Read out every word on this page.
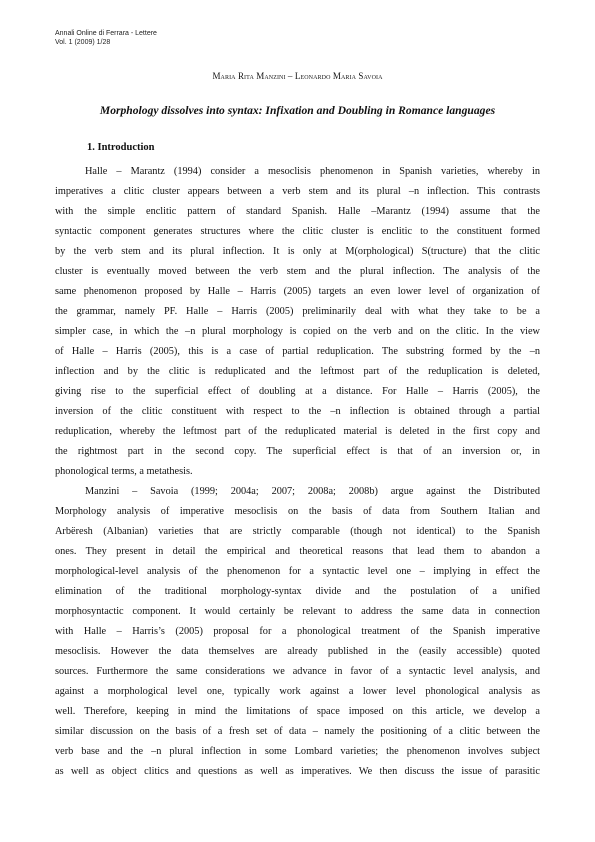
Annali Online di Ferrara - Lettere
Vol. 1 (2009) 1/28
Maria Rita Manzini – Leonardo Maria Savoia
Morphology dissolves into syntax: Infixation and Doubling in Romance languages
1. Introduction
Halle – Marantz (1994) consider a mesoclisis phenomenon in Spanish varieties, whereby in
imperatives a clitic cluster appears between a verb stem and its plural –n inflection. This contrasts
with the simple enclitic pattern of standard Spanish. Halle –Marantz (1994) assume that the
syntactic component generates structures where the clitic cluster is enclitic to the constituent formed
by the verb stem and its plural inflection. It is only at M(orphological) S(tructure) that the clitic
cluster is eventually moved between the verb stem and the plural inflection. The analysis of the
same phenomenon proposed by Halle – Harris (2005) targets an even lower level of organization of
the grammar, namely PF. Halle – Harris (2005) preliminarily deal with what they take to be a
simpler case, in which the –n plural morphology is copied on the verb and on the clitic. In the view
of Halle – Harris (2005), this is a case of partial reduplication. The substring formed by the –n
inflection and by the clitic is reduplicated and the leftmost part of the reduplication is deleted,
giving rise to the superficial effect of doubling at a distance. For Halle – Harris (2005), the
inversion of the clitic constituent with respect to the –n inflection is obtained through a partial
reduplication, whereby the leftmost part of the reduplicated material is deleted in the first copy and
the rightmost part in the second copy. The superficial effect is that of an inversion or, in
phonological terms, a metathesis.
Manzini – Savoia (1999; 2004a; 2007; 2008a; 2008b) argue against the Distributed
Morphology analysis of imperative mesoclisis on the basis of data from Southern Italian and
Arbëresh (Albanian) varieties that are strictly comparable (though not identical) to the Spanish
ones. They present in detail the empirical and theoretical reasons that lead them to abandon a
morphological-level analysis of the phenomenon for a syntactic level one – implying in effect the
elimination of the traditional morphology-syntax divide and the postulation of a unified
morphosyntactic component. It would certainly be relevant to address the same data in connection
with Halle – Harris’s (2005) proposal for a phonological treatment of the Spanish imperative
mesoclisis. However the data themselves are already published in the (easily accessible) quoted
sources. Furthermore the same considerations we advance in favor of a syntactic level analysis, and
against a morphological level one, typically work against a lower level phonological analysis as
well. Therefore, keeping in mind the limitations of space imposed on this article, we develop a
similar discussion on the basis of a fresh set of data – namely the positioning of a clitic between the
verb base and the –n plural inflection in some Lombard varieties; the phenomenon involves subject
as well as object clitics and questions as well as imperatives. We then discuss the issue of parasitic
